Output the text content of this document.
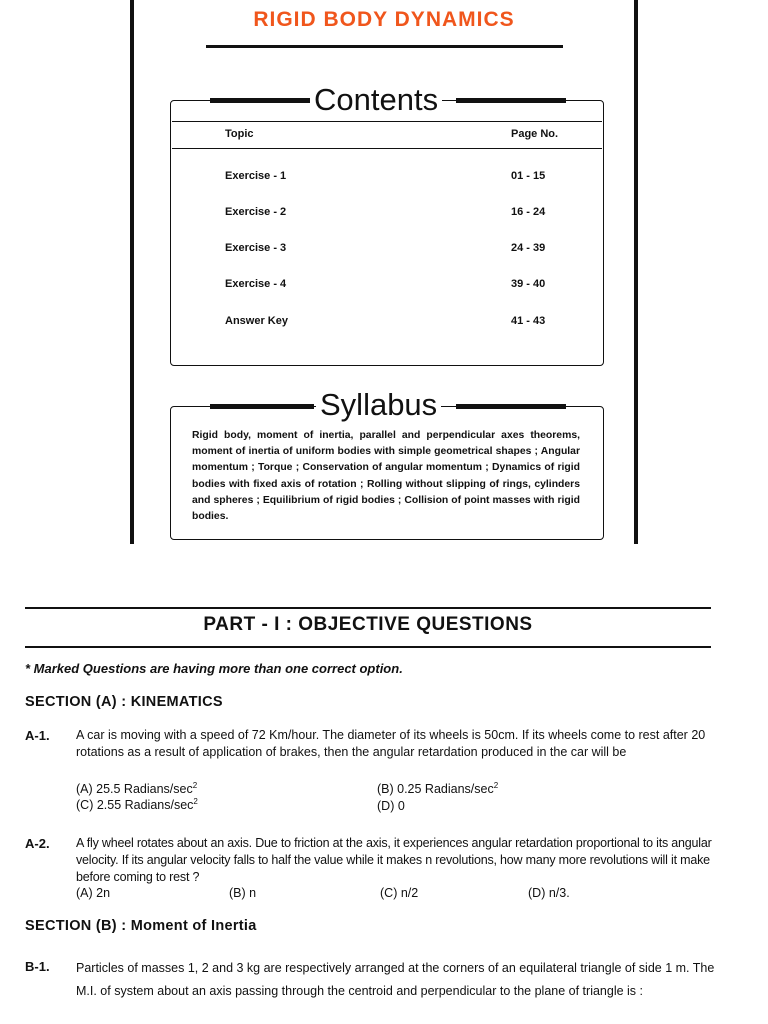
RIGID BODY DYNAMICS
Contents
Topic	Page No.
Exercise - 1	01 - 15
Exercise - 2	16 - 24
Exercise - 3	24 - 39
Exercise - 4	39 - 40
Answer Key	41 - 43
Syllabus
Rigid body, moment of inertia, parallel and perpendicular axes theorems, moment of inertia of uniform bodies with simple geometrical shapes ; Angular momentum ; Torque ; Conservation of angular momentum ; Dynamics of rigid bodies with fixed axis of rotation ; Rolling without slipping of rings, cylinders and spheres ; Equilibrium of rigid bodies ; Collision of point masses with rigid bodies.
PART - I : OBJECTIVE QUESTIONS
* Marked Questions are having more than one correct option.
SECTION (A) : KINEMATICS
A-1. A car is moving with a speed of 72 Km/hour. The diameter of its wheels is 50cm. If its wheels come to rest after 20 rotations as a result of application of brakes, then the angular retardation produced in the car will be
(A) 25.5 Radians/$\sec^2$	(B) 0.25 Radians/$\sec^2$
(C) 2.55 Radians/$\sec^2$	(D) 0
A-2. A fly wheel rotates about an axis. Due to friction at the axis, it experiences angular retardation proportional to its angular velocity. If its angular velocity falls to half the value while it makes n revolutions, how many more revolutions will it make before coming to rest ?
(A) 2n	(B) n	(C) n/2	(D) n/3.
SECTION (B) : Moment of Inertia
B-1. Particles of masses 1, 2 and 3 kg are respectively arranged at the corners of an equilateral triangle of side 1 m. The M.I. of system about an axis passing through the centroid and perpendicular to the plane of triangle is :
